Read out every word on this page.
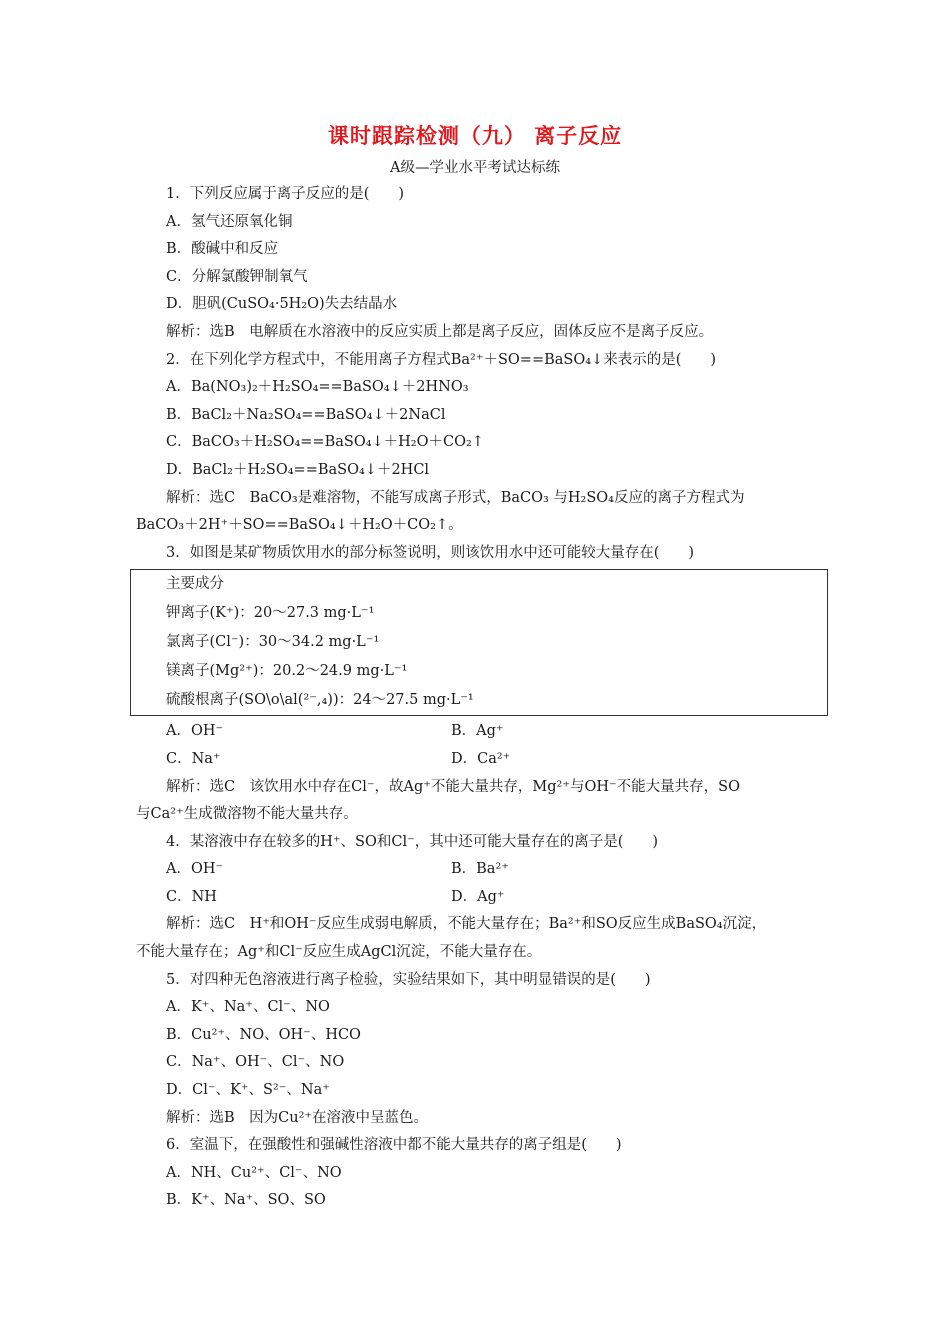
课时跟踪检测（九） 离子反应
A级—学业水平考试达标练

1．下列反应属于离子反应的是(　　)

A．氢气还原氧化铜

B．酸碱中和反应

C．分解氯酸钾制氧气

D．胆矾(CuSO₄·5H₂O)失去结晶水

解析：选B　电解质在水溶液中的反应实质上都是离子反应，固体反应不是离子反应。

2．在下列化学方程式中，不能用离子方程式Ba²⁺＋SO==BaSO₄↓来表示的是(　　)

A．Ba(NO₃)₂＋H₂SO₄==BaSO₄↓＋2HNO₃

B．BaCl₂＋Na₂SO₄==BaSO₄↓＋2NaCl

C．BaCO₃＋H₂SO₄==BaSO₄↓＋H₂O＋CO₂↑

D．BaCl₂＋H₂SO₄==BaSO₄↓＋2HCl

解析：选C　BaCO₃是难溶物，不能写成离子形式，BaCO₃ 与H₂SO₄反应的离子方程式为

BaCO₃＋2H⁺＋SO==BaSO₄↓＋H₂O＋CO₂↑。

3．如图是某矿物质饮用水的部分标签说明，则该饮用水中还可能较大量存在(　　)

主要成分
钾离子(K⁺)：20～27.3 mg·L⁻¹
氯离子(Cl⁻)：30～34.2 mg·L⁻¹
镁离子(Mg²⁺)：20.2～24.9 mg·L⁻¹
硫酸根离子(SO\o\al(²⁻,₄))：24～27.5 mg·L⁻¹
A．OH⁻	B．Ag⁺
C．Na⁺	D．Ca²⁺

解析：选C　该饮用水中存在Cl⁻，故Ag⁺不能大量共存，Mg²⁺与OH⁻不能大量共存，SO

与Ca²⁺生成微溶物不能大量共存。

4．某溶液中存在较多的H⁺、SO和Cl⁻，其中还可能大量存在的离子是(　　)

A．OH⁻	B．Ba²⁺
C．NH	D．Ag⁺

解析：选C　H⁺和OH⁻反应生成弱电解质，不能大量存在；Ba²⁺和SO反应生成BaSO₄沉淀，

不能大量存在；Ag⁺和Cl⁻反应生成AgCl沉淀，不能大量存在。

5．对四种无色溶液进行离子检验，实验结果如下，其中明显错误的是(　　)

A．K⁺、Na⁺、Cl⁻、NO

B．Cu²⁺、NO、OH⁻、HCO

C．Na⁺、OH⁻、Cl⁻、NO

D．Cl⁻、K⁺、S²⁻、Na⁺

解析：选B　因为Cu²⁺在溶液中呈蓝色。

6．室温下，在强酸性和强碱性溶液中都不能大量共存的离子组是(　　)

A．NH、Cu²⁺、Cl⁻、NO

B．K⁺、Na⁺、SO、SO
